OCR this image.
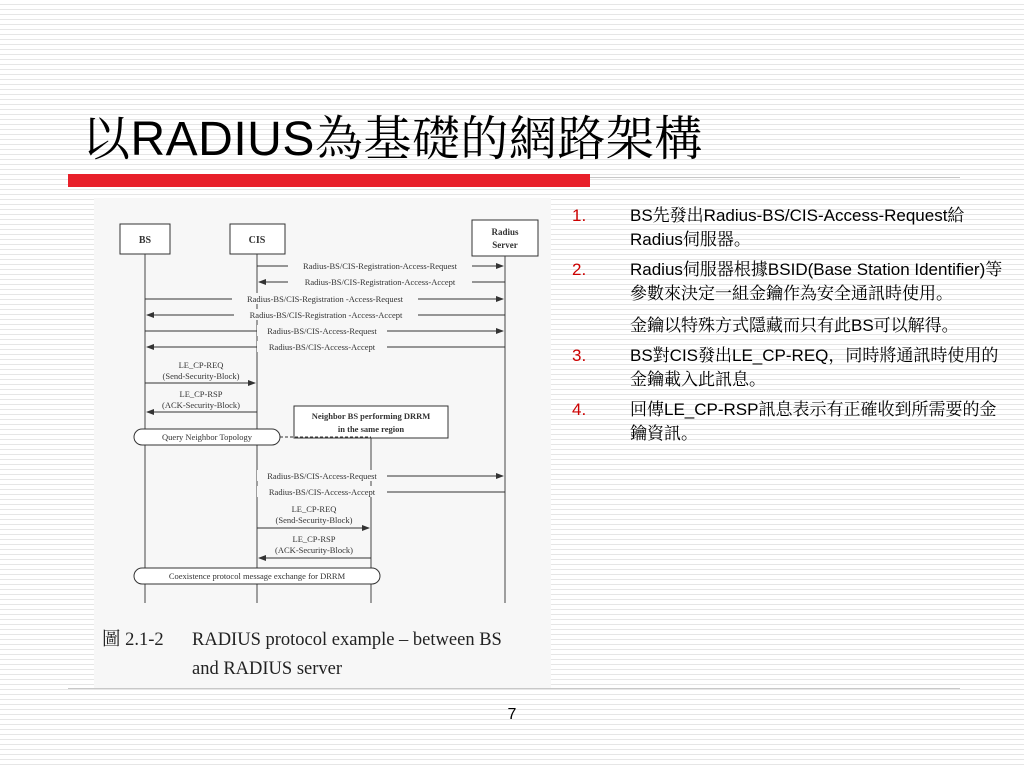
以RADIUS為基礎的網路架構
BS	CIS
Radius
Server
Radius-BS/CIS-Registration-Access-Request
Radius-BS/CIS-Registration-Access-Accept
Radius-BS/CIS-Registration -Access-Request
Radius-BS/CIS-Registration -Access-Accept
Radius-BS/CIS-Access-Request
Radius-BS/CIS-Access-Accept
LE_CP-REQ
(Send-Security-Block)
LE_CP-RSP
(ACK-Security-Block)
Neighbor BS performing DRRM
in the same region
Query Neighbor Topology
Radius-BS/CIS-Access-Request
Radius-BS/CIS-Access-Accept
LE_CP-REQ
(Send-Security-Block)
LE_CP-RSP
(ACK-Security-Block)
Coexistence protocol message exchange for DRRM
圖 2.1-2 RADIUS protocol example – between BS
and RADIUS server
1.	BS先發出Radius-BS/CIS-Access-Request給Radius伺服器。
2.	Radius伺服器根據BSID(Base Station Identifier)等參數來決定一組金鑰作為安全通訊時使用。
金鑰以特殊方式隱藏而只有此BS可以解得。
3.	BS對CIS發出LE_CP-REQ，同時將通訊時使用的金鑰載入此訊息。
4.	回傳LE_CP-RSP訊息表示有正確收到所需要的金鑰資訊。
7
